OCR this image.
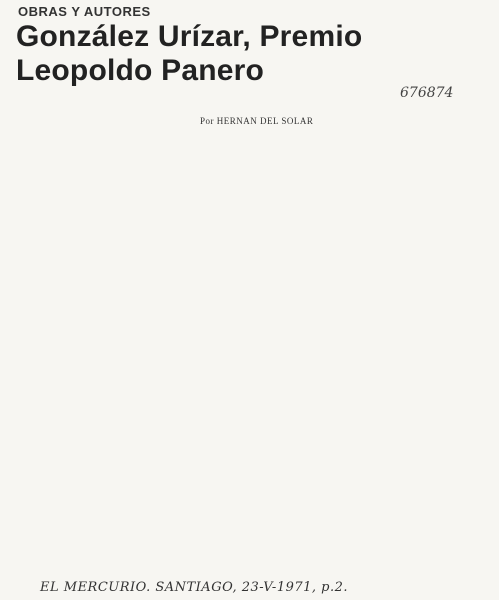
OBRAS Y AUTORES
González Urízar, Premio Leopoldo Panero
676874

Por HERNAN DEL SOLAR

EL MERCURIO. SANTIAGO, 23-V-1971, p.2.
